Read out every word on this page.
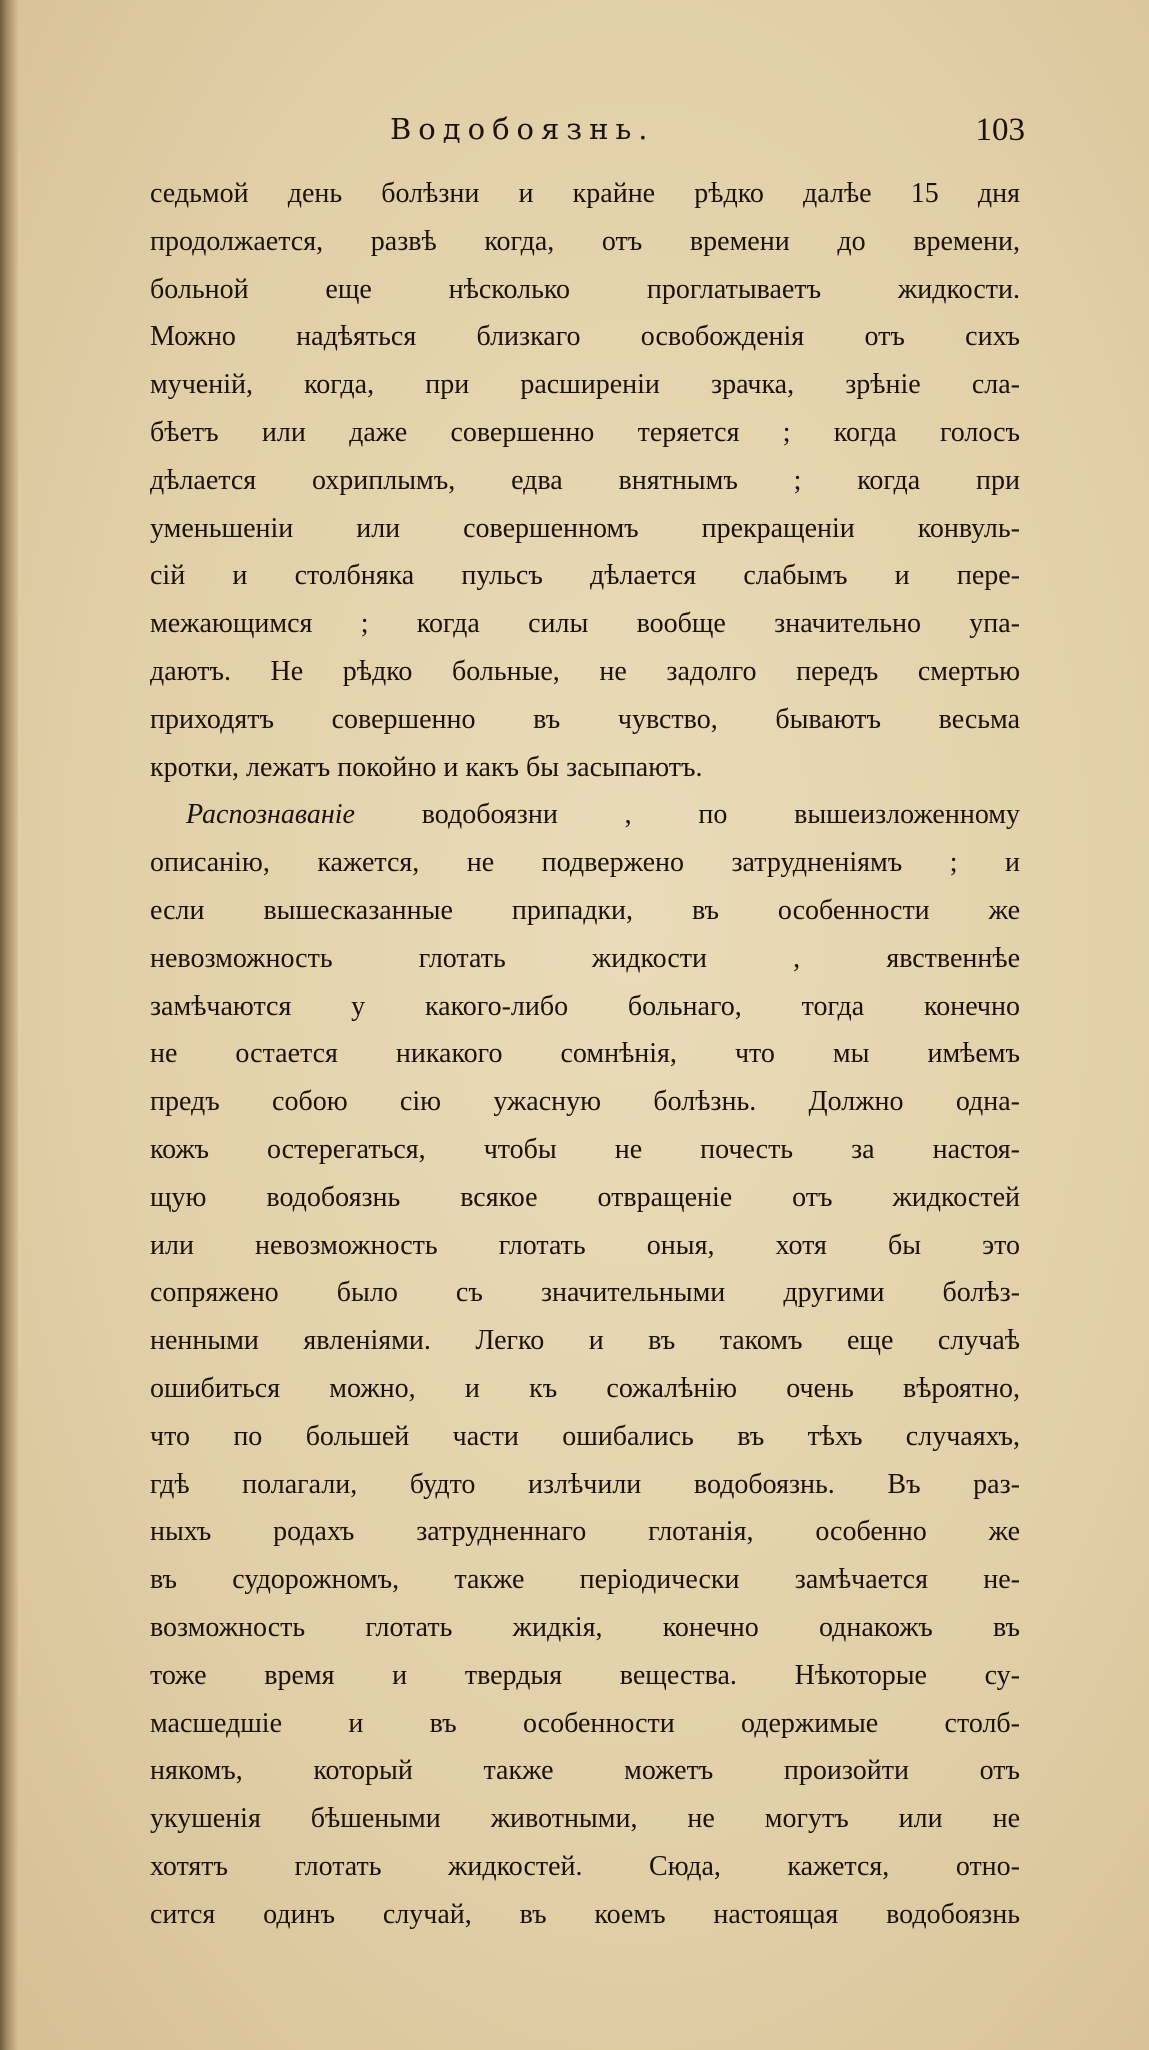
Водобоязнь.	103
седьмой день болѣзни и крайне рѣдко далѣе 15 дня
продолжается, развѣ когда, отъ времени до времени,
больной еще нѣсколько проглатываетъ жидкости.
Можно надѣяться близкаго освобожденія отъ сихъ
мученій, когда, при расширеніи зрачка, зрѣніе сла-
бѣетъ или даже совершенно теряется ; когда голосъ
дѣлается охриплымъ, едва внятнымъ ; когда при
уменьшеніи или совершенномъ прекращеніи конвуль-
сій и столбняка пульсъ дѣлается слабымъ и пере-
межающимся ; когда силы вообще значительно упа-
даютъ. Не рѣдко больные, не задолго передъ смертью
приходятъ совершенно въ чувство, бываютъ весьма
кротки, лежатъ покойно и какъ бы засыпаютъ.
Распознаваніе водобоязни , по вышеизложенному
описанію, кажется, не подвержено затрудненіямъ ; и
если вышесказанные припадки, въ особенности же
невозможность глотать жидкости , явственнѣе
замѣчаются у какого-либо больнаго, тогда конечно
не остается никакого сомнѣнія, что мы имѣемъ
предъ собою сію ужасную болѣзнь. Должно одна-
кожъ остерегаться, чтобы не почесть за настоя-
щую водобоязнь всякое отвращеніе отъ жидкостей
или невозможность глотать оныя, хотя бы это
сопряжено было съ значительными другими болѣз-
ненными явленіями. Легко и въ такомъ еще случаѣ
ошибиться можно, и къ сожалѣнію очень вѣроятно,
что по большей части ошибались въ тѣхъ случаяхъ,
гдѣ полагали, будто излѣчили водобоязнь. Въ раз-
ныхъ родахъ затрудненнаго глотанія, особенно же
въ судорожномъ, также періодически замѣчается не-
возможность глотать жидкія, конечно однакожъ въ
тоже время и твердыя вещества. Нѣкоторые су-
масшедшіе и въ особенности одержимые столб-
някомъ, который также можетъ произойти отъ
укушенія бѣшеными животными, не могутъ или не
хотятъ глотать жидкостей. Сюда, кажется, отно-
сится одинъ случай, въ коемъ настоящая водобоязнь
